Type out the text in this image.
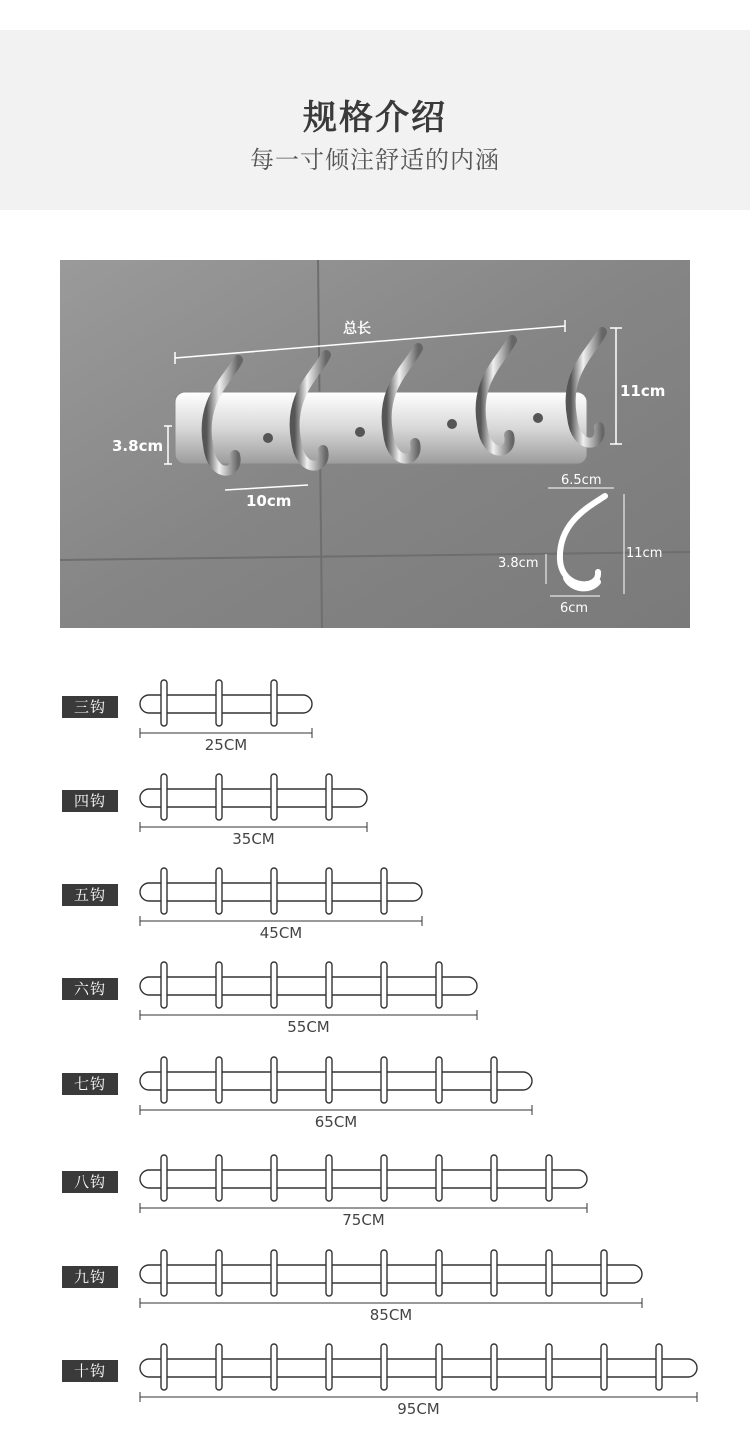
规格介绍
每一寸倾注舒适的内涵
总长
11cm
3.8cm
10cm
6.5cm
11cm
3.8cm
6cm
三钩
25CM
四钩
35CM
五钩
45CM
六钩
55CM
七钩
65CM
八钩
75CM
九钩
85CM
十钩
95CM
